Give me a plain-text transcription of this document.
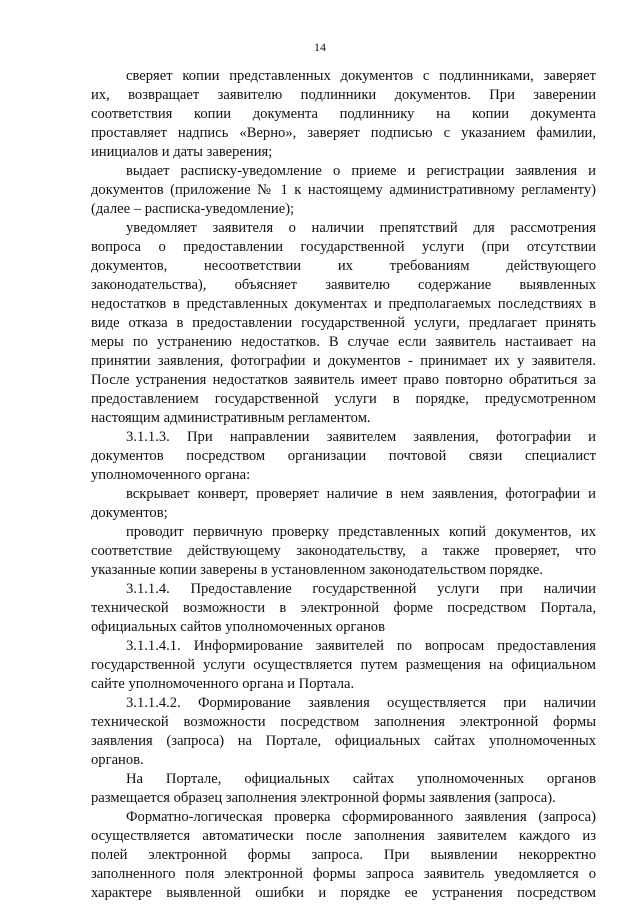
14
сверяет копии представленных документов с подлинниками, заверяет
их, возвращает заявителю подлинники документов. При заверении
соответствия копии документа подлиннику на копии документа
проставляет надпись «Верно», заверяет подписью с указанием фамилии,
инициалов и даты заверения;
выдает расписку-уведомление о приеме и регистрации заявления и
документов (приложение № 1 к настоящему административному регламенту)
(далее – расписка-уведомление);
уведомляет заявителя о наличии препятствий для рассмотрения
вопроса о предоставлении государственной услуги (при отсутствии
документов, несоответствии их требованиям действующего
законодательства), объясняет заявителю содержание выявленных
недостатков в представленных документах и предполагаемых последствиях в
виде отказа в предоставлении государственной услуги, предлагает принять
меры по устранению недостатков. В случае если заявитель настаивает на
принятии заявления, фотографии и документов - принимает их у заявителя.
После устранения недостатков заявитель имеет право повторно обратиться за
предоставлением государственной услуги в порядке, предусмотренном
настоящим административным регламентом.
3.1.1.3. При направлении заявителем заявления, фотографии и
документов посредством организации почтовой связи специалист
уполномоченного органа:
вскрывает конверт, проверяет наличие в нем заявления, фотографии и
документов;
проводит первичную проверку представленных копий документов, их
соответствие действующему законодательству, а также проверяет, что
указанные копии заверены в установленном законодательством порядке.
3.1.1.4. Предоставление государственной услуги при наличии
технической возможности в электронной форме посредством Портала,
официальных сайтов уполномоченных органов
3.1.1.4.1. Информирование заявителей по вопросам предоставления
государственной услуги осуществляется путем размещения на официальном
сайте уполномоченного органа и Портала.
3.1.1.4.2. Формирование заявления осуществляется при наличии
технической возможности посредством заполнения электронной формы
заявления (запроса) на Портале, официальных сайтах уполномоченных
органов.
На Портале, официальных сайтах уполномоченных органов
размещается образец заполнения электронной формы заявления (запроса).
Форматно-логическая проверка сформированного заявления (запроса)
осуществляется автоматически после заполнения заявителем каждого из
полей электронной формы запроса. При выявлении некорректно
заполненного поля электронной формы запроса заявитель уведомляется о
характере выявленной ошибки и порядке ее устранения посредством
